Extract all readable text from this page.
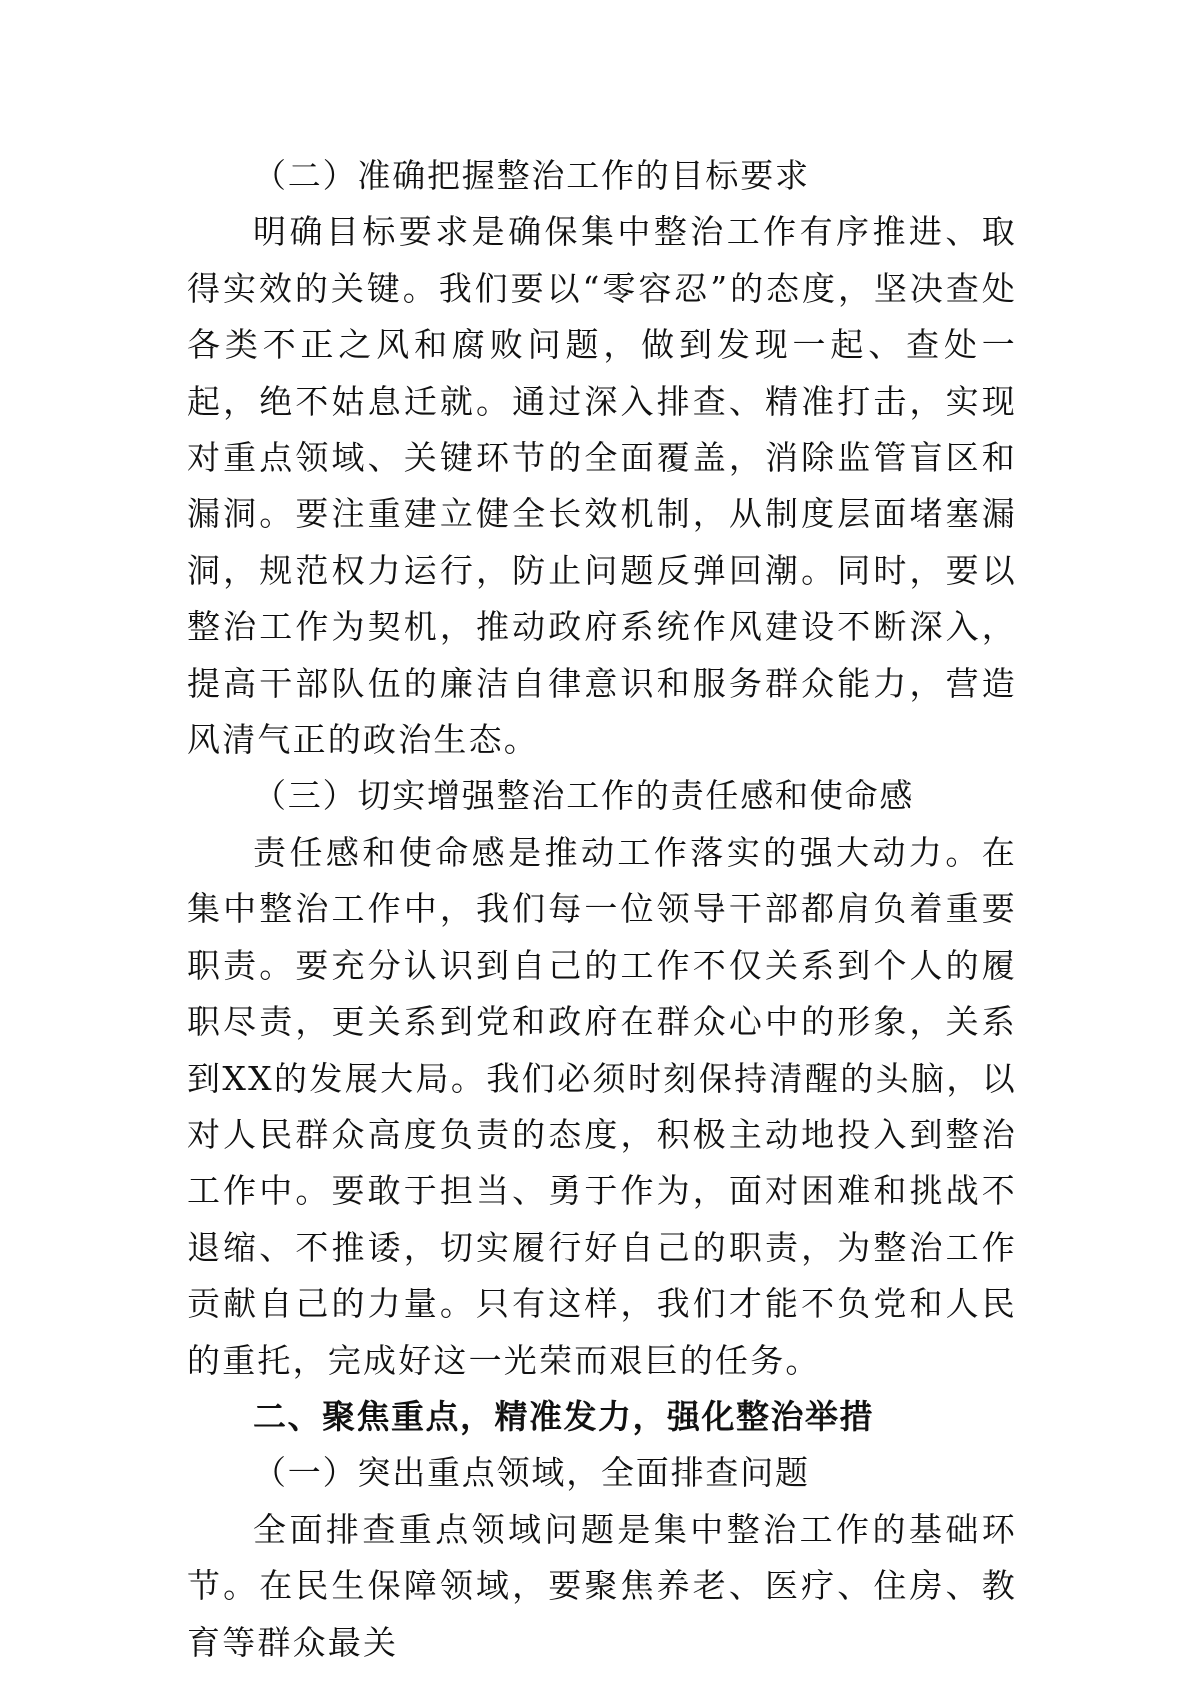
（二）准确把握整治工作的目标要求

明确目标要求是确保集中整治工作有序推进、取得实效的关键。我们要以“零容忍”的态度，坚决查处各类不正之风和腐败问题，做到发现一起、查处一起，绝不姑息迁就。通过深入排查、精准打击，实现对重点领域、关键环节的全面覆盖，消除监管盲区和漏洞。要注重建立健全长效机制，从制度层面堵塞漏洞，规范权力运行，防止问题反弹回潮。同时，要以整治工作为契机，推动政府系统作风建设不断深入，提高干部队伍的廉洁自律意识和服务群众能力，营造风清气正的政治生态。

（三）切实增强整治工作的责任感和使命感

责任感和使命感是推动工作落实的强大动力。在集中整治工作中，我们每一位领导干部都肩负着重要职责。要充分认识到自己的工作不仅关系到个人的履职尽责，更关系到党和政府在群众心中的形象，关系到XX的发展大局。我们必须时刻保持清醒的头脑，以对人民群众高度负责的态度，积极主动地投入到整治工作中。要敢于担当、勇于作为，面对困难和挑战不退缩、不推诿，切实履行好自己的职责，为整治工作贡献自己的力量。只有这样，我们才能不负党和人民的重托，完成好这一光荣而艰巨的任务。

二、聚焦重点，精准发力，强化整治举措

（一）突出重点领域，全面排查问题

全面排查重点领域问题是集中整治工作的基础环节。在民生保障领域，要聚焦养老、医疗、住房、教育等群众最关
